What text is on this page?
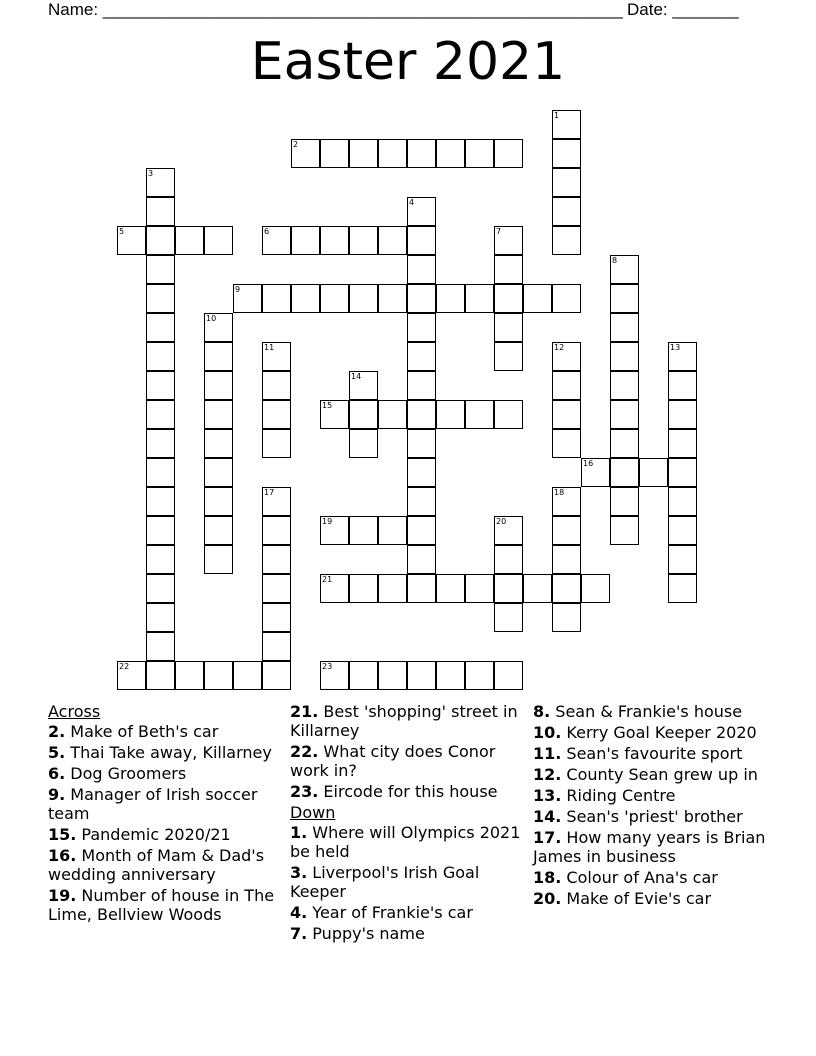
Name: _______________________________________________________ Date: _______
Easter 2021
1
2
3
4
5	6	7
8
9
10
11	12	13
14
15
16
17	18
19	20
21
22	23
Across
2. Make of Beth's car
5. Thai Take away, Killarney
6. Dog Groomers
9. Manager of Irish soccer team
15. Pandemic 2020/21
16. Month of Mam & Dad's wedding anniversary
19. Number of house in The Lime, Bellview Woods
21. Best 'shopping' street in Killarney
22. What city does Conor work in?
23. Eircode for this house
Down
1. Where will Olympics 2021 be held
3. Liverpool's Irish Goal Keeper
4. Year of Frankie's car
7. Puppy's name
8. Sean & Frankie's house
10. Kerry Goal Keeper 2020
11. Sean's favourite sport
12. County Sean grew up in
13. Riding Centre
14. Sean's 'priest' brother
17. How many years is Brian James in business
18. Colour of Ana's car
20. Make of Evie's car
